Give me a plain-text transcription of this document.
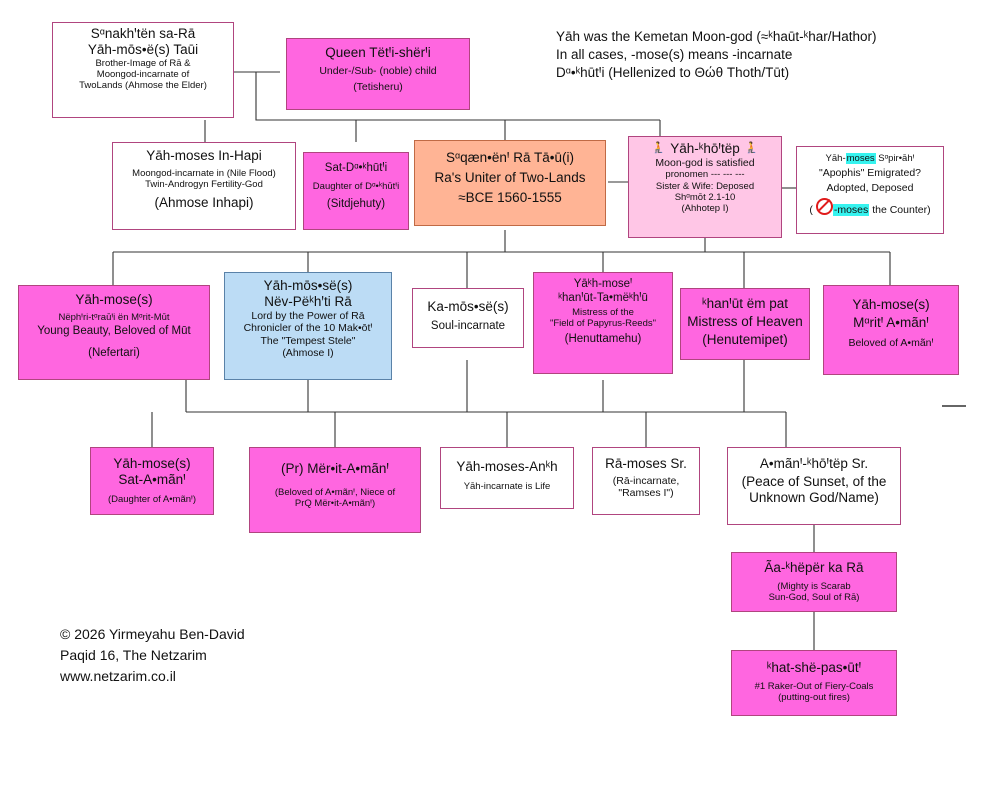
Yāh was the Kemetan Moon-god (≈ᵏhaūt-ᵏhar/Hathor)
In all cases, -mose(s) means -incarnate
Dᵅ•ᵏhūtꞋi (Hellenized to Θώθ Thoth/Tūt)
Sᵅnakhꞌtën sa-Rā
Yāh-mōs•ë(s) Taūi
Brother-Image of Rā &
Moongod-incarnate of
TwoLands (Ahmose the Elder)
Queen TëtꞋi-shërꞋi
Under-/Sub- (noble) child
(Tetisheru)
Yāh-moses In-Hapi
Moongod-incarnate in (Nile Flood)
Twin-Androgyn Fertility-God
(Ahmose Inhapi)
Sat-Dᵅ•ᵏhūtꞋi
Daughter of Dᵅ•ᵏhūtꞋi
(Sitdjehuty)
Sᵅqæn•ënꞋ Rā Tā•ū(i)
Ra's Uniter of Two-Lands
≈BCE 1560-1555
🧎 Yāh-ᵏhōꞋtëp 🧎
Moon-god is satisfied
pronomen --- --- ---
Sister & Wife: Deposed
Shᵅmōt 2.1-10
(Ahhotep I)
Yāh-moses Sᵅpir•āhꞋ
"Apophis" Emigrated?
Adopted, Deposed
( -moses the Counter)
Yāh-mose(s)
NëphꞋri-tᵅraūꞋi ën Mᵅrit-Mūt
Young Beauty, Beloved of Mūt
(Nefertari)
Yāh-mōs•së(s)
Nëv-Pëᵏhꞌti Rā
Lord by the Power of Rā
Chronicler of the 10 Mak•ōtꞋ
The "Tempest Stele"
(Ahmose I)
Ka-mōs•së(s)
Soul-incarnate
Yāᵏh-moseꞋ
ᵏhanꞋūt-Ta•mëᵏhꞋū
Mistress of the
"Field of Papyrus-Reeds"
(Henuttamehu)
ᵏhanꞋūt ëm pat
Mistress of Heaven
(Henutemipet)
Yāh-mose(s)
MᵅritꞋ A•mãnꞋ
Beloved of A•mãnꞋ
Yāh-mose(s)
Sat-A•mãnꞋ
(Daughter of A•mãnꞋ)
(Pr) Mër•it-A•mãnꞋ
(Beloved of A•mãnꞋ, Niece of
PrQ Mër•it-A•mãnꞋ)
Yāh-moses-Anᵏh
Yāh-incarnate is Life
Rā-moses Sr.
(Rā-incarnate,
"Ramses I")
A•mãnꞋ-ᵏhōꞋtëp Sr.
(Peace of Sunset, of the
Unknown God/Name)
Ãa-ᵏhëpër ka Rā
(Mighty is Scarab
Sun-God, Soul of Rā)
ᵏhat-shë-pas•ūtꞋ
#1 Raker-Out of Fiery-Coals
(putting-out fires)
© 2026 Yirmeyahu Ben-David
Paqid 16, The Netzarim
www.netzarim.co.il
